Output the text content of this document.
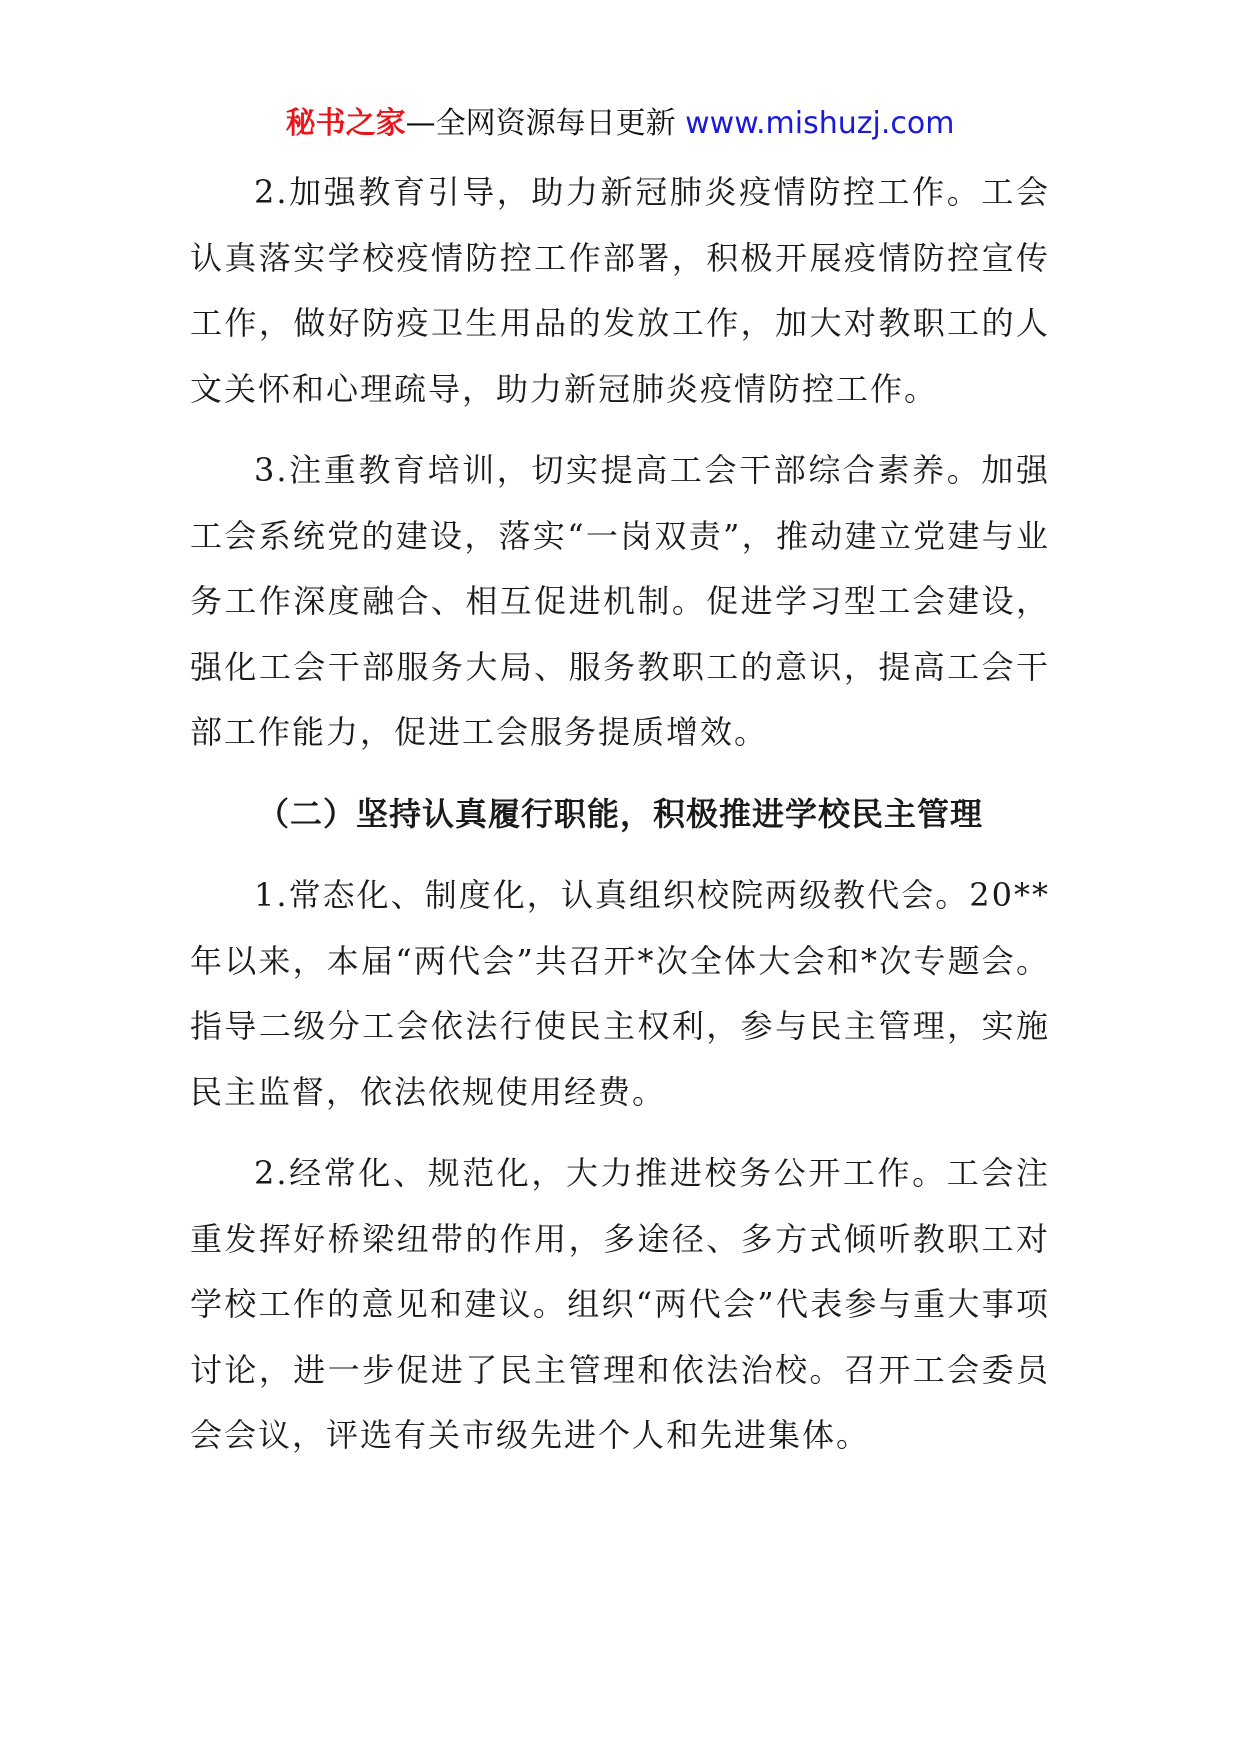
秘书之家—全网资源每日更新 www.mishuzj.com

2.加强教育引导，助力新冠肺炎疫情防控工作。工会认真落实学校疫情防控工作部署，积极开展疫情防控宣传工作，做好防疫卫生用品的发放工作，加大对教职工的人文关怀和心理疏导，助力新冠肺炎疫情防控工作。

3.注重教育培训，切实提高工会干部综合素养。加强工会系统党的建设，落实“一岗双责”，推动建立党建与业务工作深度融合、相互促进机制。促进学习型工会建设，强化工会干部服务大局、服务教职工的意识，提高工会干部工作能力，促进工会服务提质增效。

（二）坚持认真履行职能，积极推进学校民主管理

1.常态化、制度化，认真组织校院两级教代会。20**年以来，本届“两代会”共召开*次全体大会和*次专题会。指导二级分工会依法行使民主权利，参与民主管理，实施民主监督，依法依规使用经费。

2.经常化、规范化，大力推进校务公开工作。工会注重发挥好桥梁纽带的作用，多途径、多方式倾听教职工对学校工作的意见和建议。组织“两代会”代表参与重大事项讨论，进一步促进了民主管理和依法治校。召开工会委员会会议，评选有关市级先进个人和先进集体。
